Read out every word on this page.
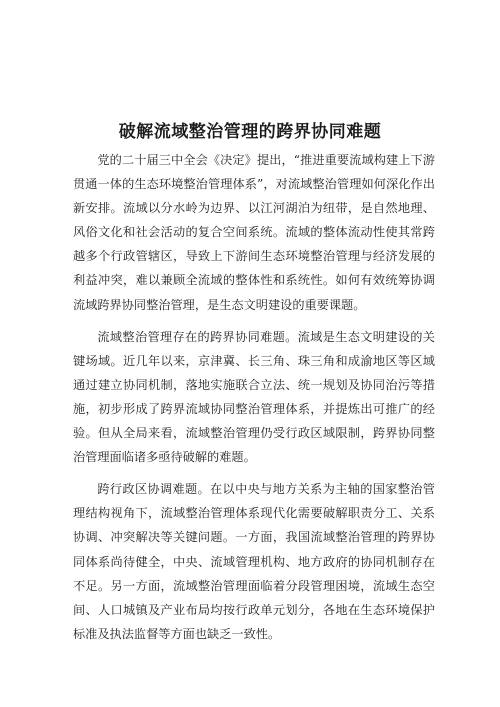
破解流域整治管理的跨界协同难题

党的二十届三中全会《决定》提出，“推进重要流域构建上下游贯通一体的生态环境整治管理体系”，对流域整治管理如何深化作出新安排。流域以分水岭为边界、以江河湖泊为纽带，是自然地理、风俗文化和社会活动的复合空间系统。流域的整体流动性使其常跨越多个行政管辖区，导致上下游间生态环境整治管理与经济发展的利益冲突，难以兼顾全流域的整体性和系统性。如何有效统筹协调流域跨界协同整治管理，是生态文明建设的重要课题。

流域整治管理存在的跨界协同难题。流域是生态文明建设的关键场域。近几年以来，京津冀、长三角、珠三角和成渝地区等区域通过建立协同机制，落地实施联合立法、统一规划及协同治污等措施，初步形成了跨界流域协同整治管理体系，并提炼出可推广的经验。但从全局来看，流域整治管理仍受行政区域限制，跨界协同整治管理面临诸多亟待破解的难题。

跨行政区协调难题。在以中央与地方关系为主轴的国家整治管理结构视角下，流域整治管理体系现代化需要破解职责分工、关系协调、冲突解决等关键问题。一方面，我国流域整治管理的跨界协同体系尚待健全，中央、流域管理机构、地方政府的协同机制存在不足。另一方面，流域整治管理面临着分段管理困境，流域生态空间、人口城镇及产业布局均按行政单元划分，各地在生态环境保护标准及执法监督等方面也缺乏一致性。
